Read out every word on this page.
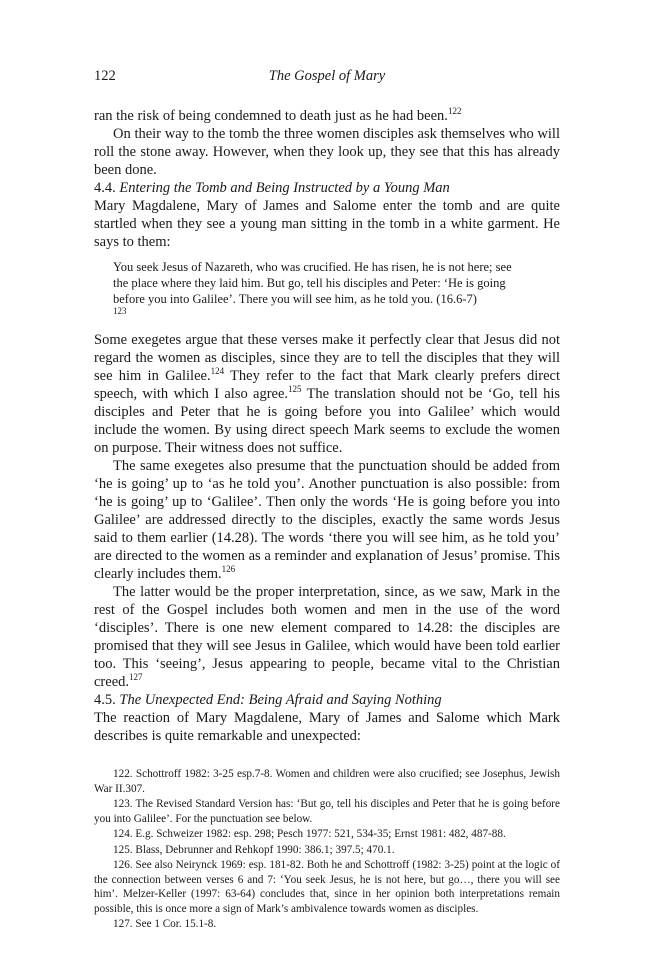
122	The Gospel of Mary

ran the risk of being condemned to death just as he had been.$^{122}$

On their way to the tomb the three women disciples ask themselves who will roll the stone away. However, when they look up, they see that this has already been done.

4.4. Entering the Tomb and Being Instructed by a Young Man

Mary Magdalene, Mary of James and Salome enter the tomb and are quite startled when they see a young man sitting in the tomb in a white garment. He says to them:

You seek Jesus of Nazareth, who was crucified. He has risen, he is not here; see
the place where they laid him. But go, tell his disciples and Peter: ‘He is going
before you into Galilee’. There you will see him, as he told you. (16.6-7)
$^{123}$

Some exegetes argue that these verses make it perfectly clear that Jesus did not regard the women as disciples, since they are to tell the disciples that they will see him in Galilee.$^{124}$ They refer to the fact that Mark clearly prefers direct speech, with which I also agree.$^{125}$ The translation should not be ‘Go, tell his disciples and Peter that he is going before you into Galilee’ which would include the women. By using direct speech Mark seems to exclude the women on purpose. Their witness does not suffice.

The same exegetes also presume that the punctuation should be added from ‘he is going’ up to ‘as he told you’. Another punctuation is also possible: from ‘he is going’ up to ‘Galilee’. Then only the words ‘He is going before you into Galilee’ are addressed directly to the disciples, exactly the same words Jesus said to them earlier (14.28). The words ‘there you will see him, as he told you’ are directed to the women as a reminder and explanation of Jesus’ promise. This clearly includes them.$^{126}$

The latter would be the proper interpretation, since, as we saw, Mark in the rest of the Gospel includes both women and men in the use of the word ‘disciples’. There is one new element compared to 14.28: the disciples are promised that they will see Jesus in Galilee, which would have been told earlier too. This ‘seeing’, Jesus appearing to people, became vital to the Christian creed.$^{127}$

4.5. The Unexpected End: Being Afraid and Saying Nothing

The reaction of Mary Magdalene, Mary of James and Salome which Mark describes is quite remarkable and unexpected:

122. Schottroff 1982: 3-25 esp.7-8. Women and children were also crucified; see Josephus, Jewish War II.307.

123. The Revised Standard Version has: ‘But go, tell his disciples and Peter that he is going before you into Galilee’. For the punctuation see below.

124. E.g. Schweizer 1982: esp. 298; Pesch 1977: 521, 534-35; Ernst 1981: 482, 487-88.

125. Blass, Debrunner and Rehkopf 1990: 386.1; 397.5; 470.1.

126. See also Neirynck 1969: esp. 181-82. Both he and Schottroff (1982: 3-25) point at the logic of the connection between verses 6 and 7: ‘You seek Jesus, he is not here, but go…, there you will see him’. Melzer-Keller (1997: 63-64) concludes that, since in her opinion both interpretations remain possible, this is once more a sign of Mark’s ambivalence towards women as disciples.

127. See 1 Cor. 15.1-8.
